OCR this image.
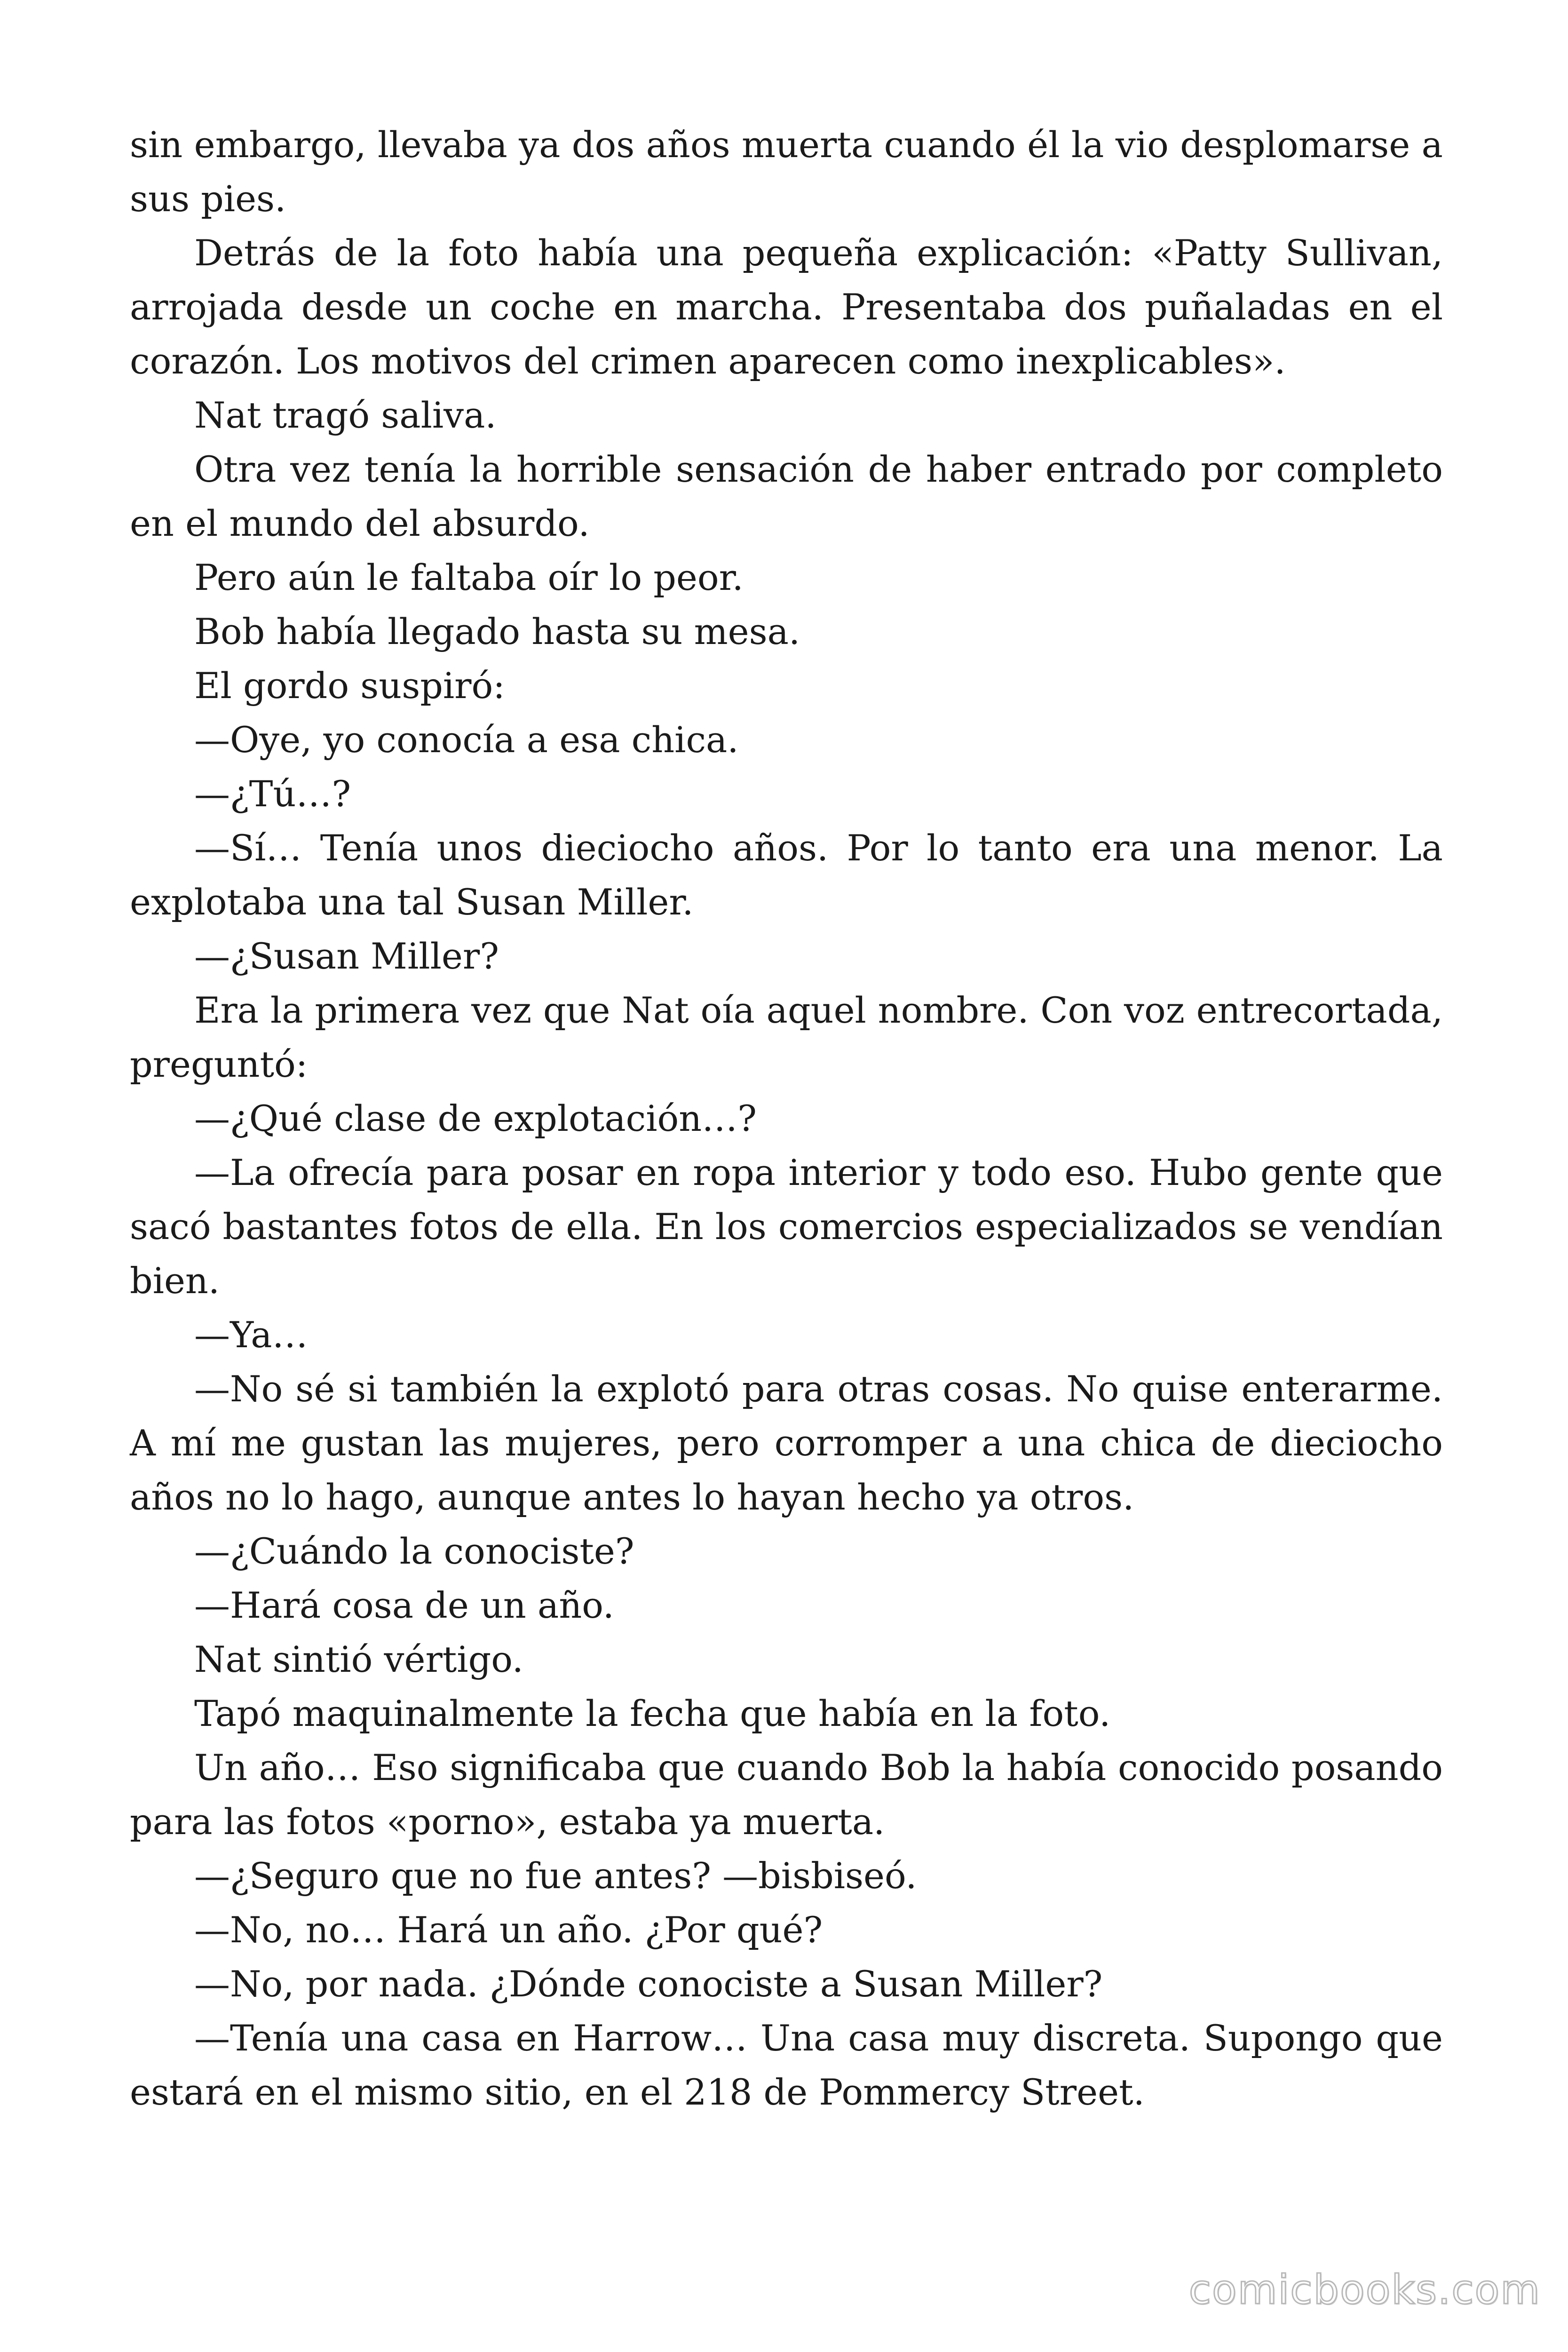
sin embargo, llevaba ya dos años muerta cuando él la vio desplomarse a sus pies.

Detrás de la foto había una pequeña explicación: «Patty Sullivan, arrojada desde un coche en marcha. Presentaba dos puñaladas en el corazón. Los motivos del crimen aparecen como inexplicables».

Nat tragó saliva.

Otra vez tenía la horrible sensación de haber entrado por completo en el mundo del absurdo.

Pero aún le faltaba oír lo peor.

Bob había llegado hasta su mesa.

El gordo suspiró:

—Oye, yo conocía a esa chica.

—¿Tú…?

—Sí… Tenía unos dieciocho años. Por lo tanto era una menor. La explotaba una tal Susan Miller.

—¿Susan Miller?

Era la primera vez que Nat oía aquel nombre. Con voz entrecortada, preguntó:

—¿Qué clase de explotación…?

—La ofrecía para posar en ropa interior y todo eso. Hubo gente que sacó bastantes fotos de ella. En los comercios especializados se vendían bien.

—Ya…

—No sé si también la explotó para otras cosas. No quise enterarme. A mí me gustan las mujeres, pero corromper a una chica de dieciocho años no lo hago, aunque antes lo hayan hecho ya otros.

—¿Cuándo la conociste?

—Hará cosa de un año.

Nat sintió vértigo.

Tapó maquinalmente la fecha que había en la foto.

Un año… Eso significaba que cuando Bob la había conocido posando para las fotos «porno», estaba ya muerta.

—¿Seguro que no fue antes? —bisbiseó.

—No, no… Hará un año. ¿Por qué?

—No, por nada. ¿Dónde conociste a Susan Miller?

—Tenía una casa en Harrow… Una casa muy discreta. Supongo que estará en el mismo sitio, en el 218 de Pommercy Street.

comicbooks.com
